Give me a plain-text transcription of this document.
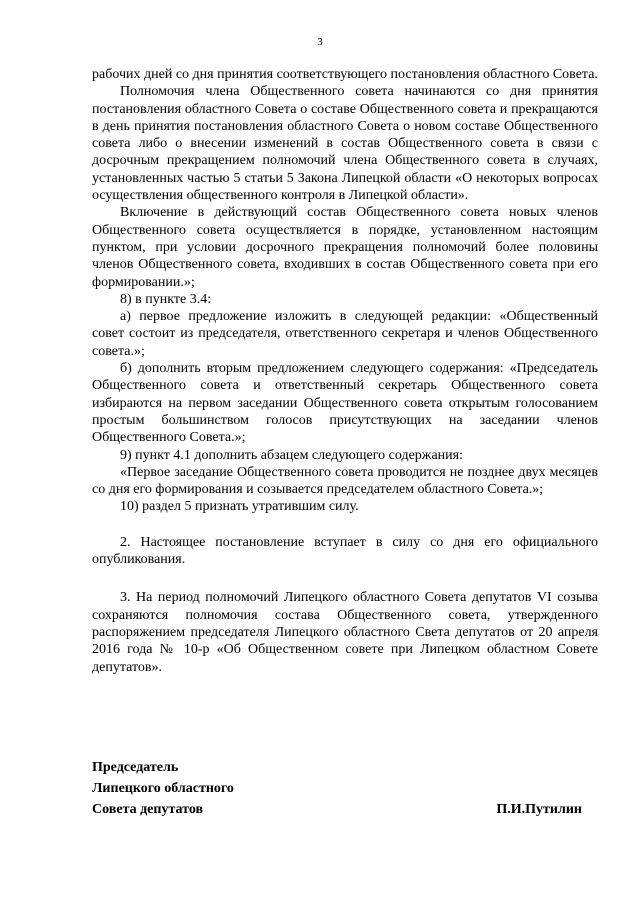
3

рабочих дней со дня принятия соответствующего постановления областного Совета.

Полномочия члена Общественного совета начинаются со дня принятия постановления областного Совета о составе Общественного совета и прекращаются в день принятия постановления областного Совета о новом составе Общественного совета либо о внесении изменений в состав Общественного совета в связи с досрочным прекращением полномочий члена Общественного совета в случаях, установленных частью 5 статьи 5 Закона Липецкой области «О некоторых вопросах осуществления общественного контроля в Липецкой области».

Включение в действующий состав Общественного совета новых членов Общественного совета осуществляется в порядке, установленном настоящим пунктом, при условии досрочного прекращения полномочий более половины членов Общественного совета, входивших в состав Общественного совета при его формировании.»;

8) в пункте 3.4:

а) первое предложение изложить в следующей редакции: «Общественный совет состоит из председателя, ответственного секретаря и членов Общественного совета.»;

б) дополнить вторым предложением следующего содержания: «Председатель Общественного совета и ответственный секретарь Общественного совета избираются на первом заседании Общественного совета открытым голосованием простым большинством голосов присутствующих на заседании членов Общественного Совета.»;

9) пункт 4.1 дополнить абзацем следующего содержания:

«Первое заседание Общественного совета проводится не позднее двух месяцев со дня его формирования и созывается председателем областного Совета.»;

10) раздел 5 признать утратившим силу.

2. Настоящее постановление вступает в силу со дня его официального опубликования.

3. На период полномочий Липецкого областного Совета депутатов VI созыва сохраняются полномочия состава Общественного совета, утвержденного распоряжением председателя Липецкого областного Света депутатов от 20 апреля 2016 года № 10-р «Об Общественном совете при Липецком областном Совете депутатов».

Председатель
Липецкого областного
Совета депутатов	П.И.Путилин
